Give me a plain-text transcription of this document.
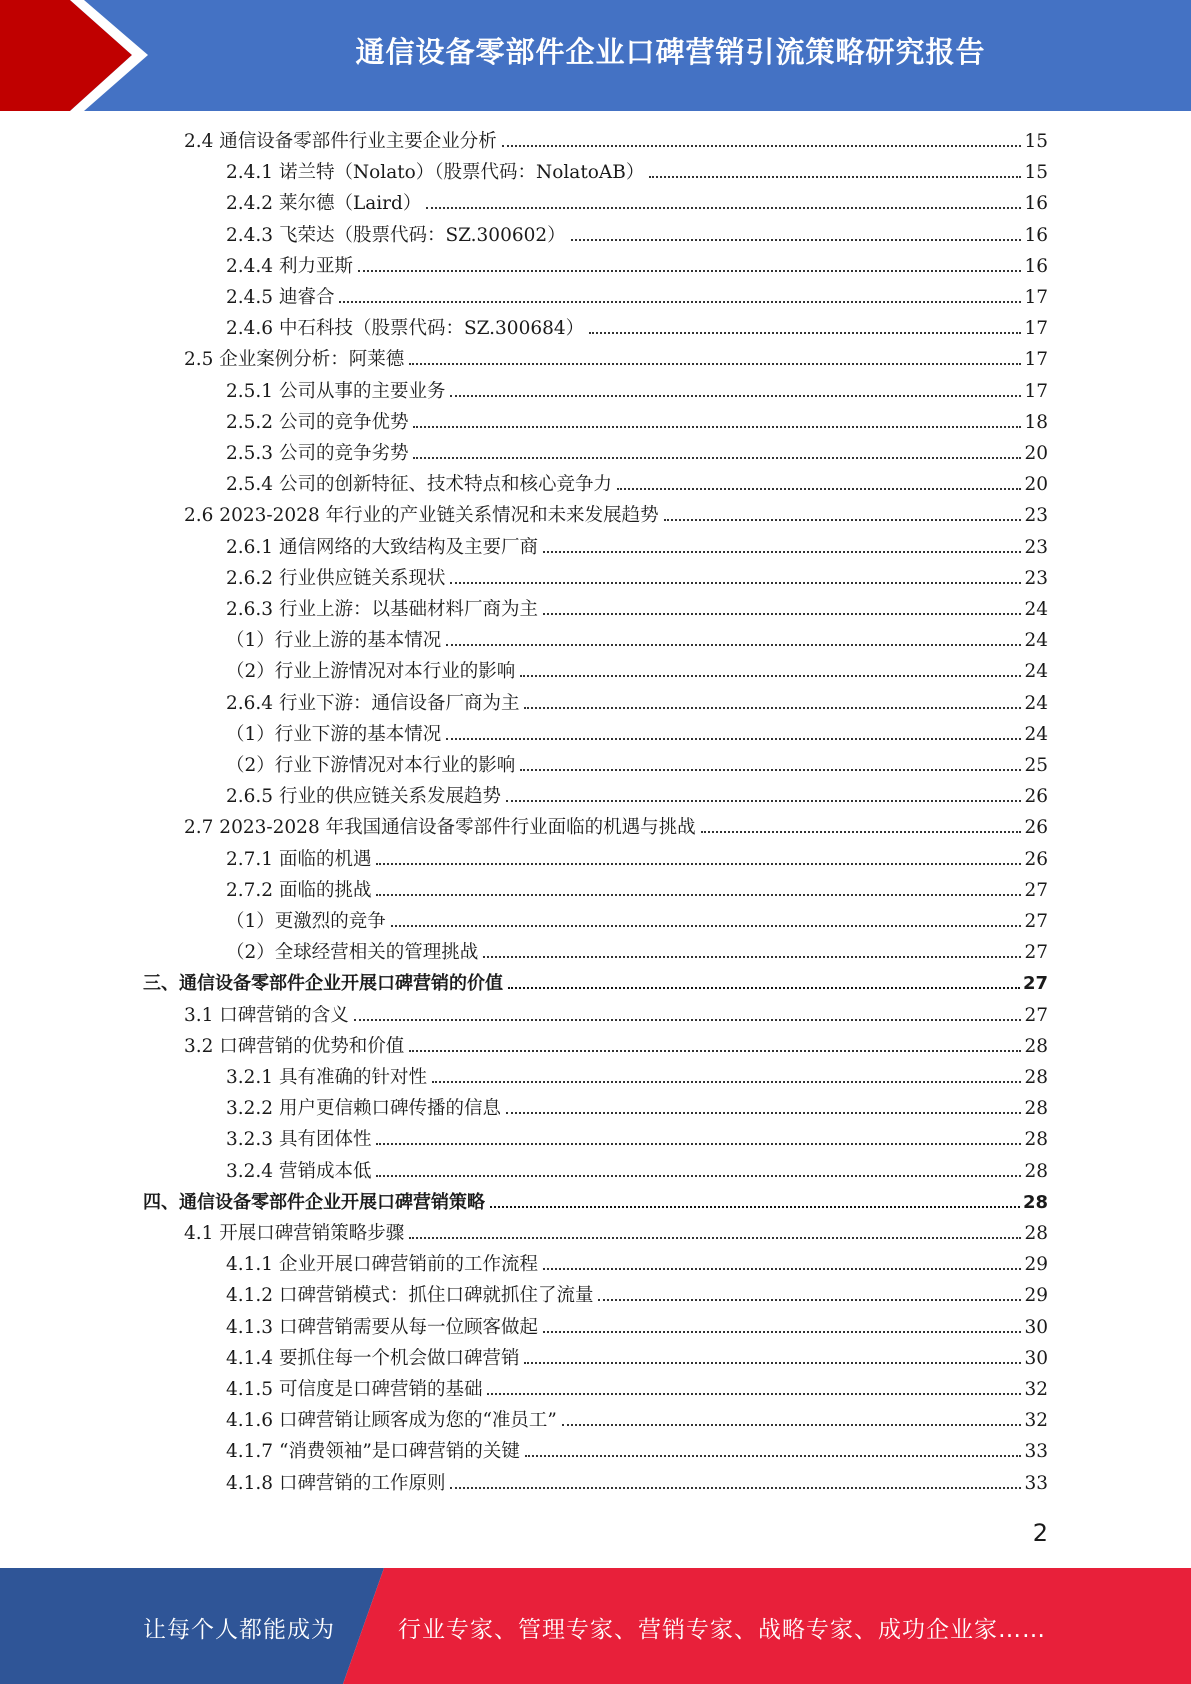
通信设备零部件企业口碑营销引流策略研究报告
2.4 通信设备零部件行业主要企业分析	15
2.4.1 诺兰特（Nolato）（股票代码：NolatoAB）	15
2.4.2 莱尔德（Laird）	16
2.4.3 飞荣达（股票代码：SZ.300602）	16
2.4.4 利力亚斯	16
2.4.5 迪睿合	17
2.4.6 中石科技（股票代码：SZ.300684）	17
2.5 企业案例分析：阿莱德	17
2.5.1 公司从事的主要业务	17
2.5.2 公司的竞争优势	18
2.5.3 公司的竞争劣势	20
2.5.4 公司的创新特征、技术特点和核心竞争力	20
2.6 2023-2028 年行业的产业链关系情况和未来发展趋势	23
2.6.1 通信网络的大致结构及主要厂商	23
2.6.2 行业供应链关系现状	23
2.6.3 行业上游：以基础材料厂商为主	24
（1）行业上游的基本情况	24
（2）行业上游情况对本行业的影响	24
2.6.4 行业下游：通信设备厂商为主	24
（1）行业下游的基本情况	24
（2）行业下游情况对本行业的影响	25
2.6.5 行业的供应链关系发展趋势	26
2.7 2023-2028 年我国通信设备零部件行业面临的机遇与挑战	26
2.7.1 面临的机遇	26
2.7.2 面临的挑战	27
（1）更激烈的竞争	27
（2）全球经营相关的管理挑战	27
三、通信设备零部件企业开展口碑营销的价值	27
3.1 口碑营销的含义	27
3.2 口碑营销的优势和价值	28
3.2.1 具有准确的针对性	28
3.2.2 用户更信赖口碑传播的信息	28
3.2.3 具有团体性	28
3.2.4 营销成本低	28
四、通信设备零部件企业开展口碑营销策略	28
4.1 开展口碑营销策略步骤	28
4.1.1 企业开展口碑营销前的工作流程	29
4.1.2 口碑营销模式：抓住口碑就抓住了流量	29
4.1.3 口碑营销需要从每一位顾客做起	30
4.1.4 要抓住每一个机会做口碑营销	30
4.1.5 可信度是口碑营销的基础	32
4.1.6 口碑营销让顾客成为您的“准员工”	32
4.1.7 “消费领袖”是口碑营销的关键	33
4.1.8 口碑营销的工作原则	33
2
让每个人都能成为	行业专家、管理专家、营销专家、战略专家、成功企业家……
